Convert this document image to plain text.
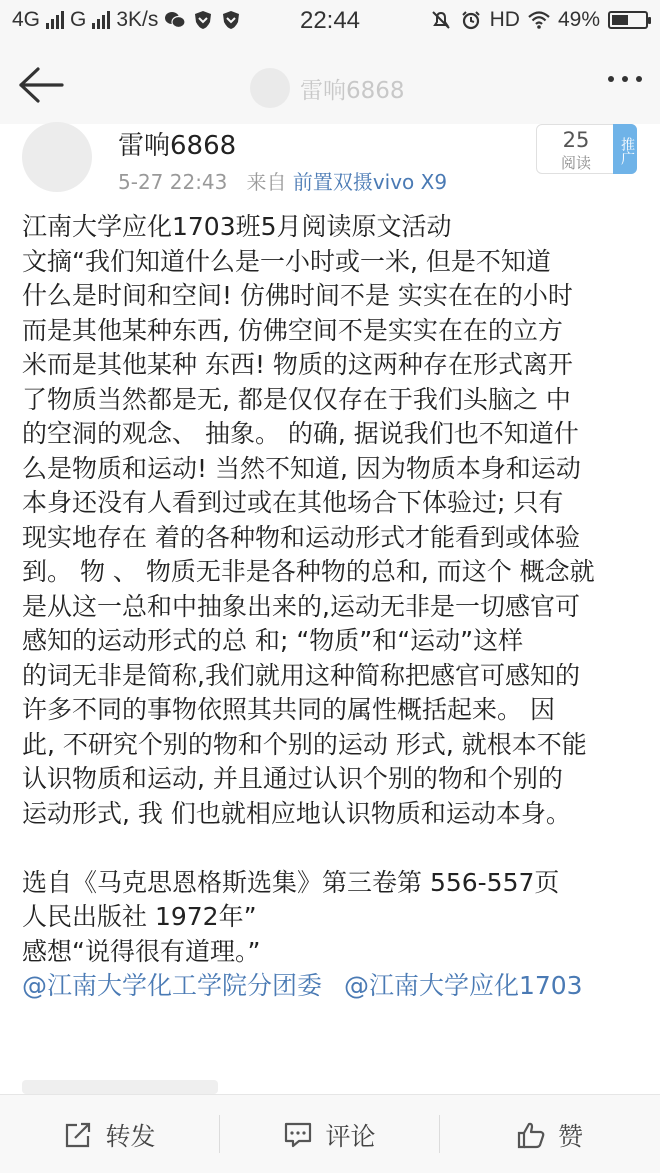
4G G 3K/s	22:44	HD 49%
雷响6868
雷响6868
5-27 22:43 来自 前置双摄vivo X9
25
阅读	推广

江南大学应化1703班5月阅读原文活动

文摘“我们知道什么是一小时或一米, 但是不知道

什么是时间和空间! 仿佛时间不是 实实在在的小时

而是其他某种东西, 仿佛空间不是实实在在的立方

米而是其他某种 东西! 物质的这两种存在形式离开

了物质当然都是无, 都是仅仅存在于我们头脑之 中

的空洞的观念、 抽象。 的确, 据说我们也不知道什

么是物质和运动! 当然不知道, 因为物质本身和运动

本身还没有人看到过或在其他场合下体验过; 只有

现实地存在 着的各种物和运动形式才能看到或体验

到。 物 、 物质无非是各种物的总和, 而这个 概念就

是从这一总和中抽象出来的,运动无非是一切感官可

感知的运动形式的总 和; “物质”和“运动”这样

的词无非是简称,我们就用这种简称把感官可感知的

许多不同的事物依照其共同的属性概括起来。 因

此, 不研究个别的物和个别的运动 形式, 就根本不能

认识物质和运动, 并且通过认识个别的物和个别的

运动形式, 我 们也就相应地认识物质和运动本身。

选自《马克思恩格斯选集》第三卷第 556-557页

人民出版社 1972年”

感想“说得很有道理。”

@江南大学化工学院分团委 @江南大学应化1703
转发	评论	赞
